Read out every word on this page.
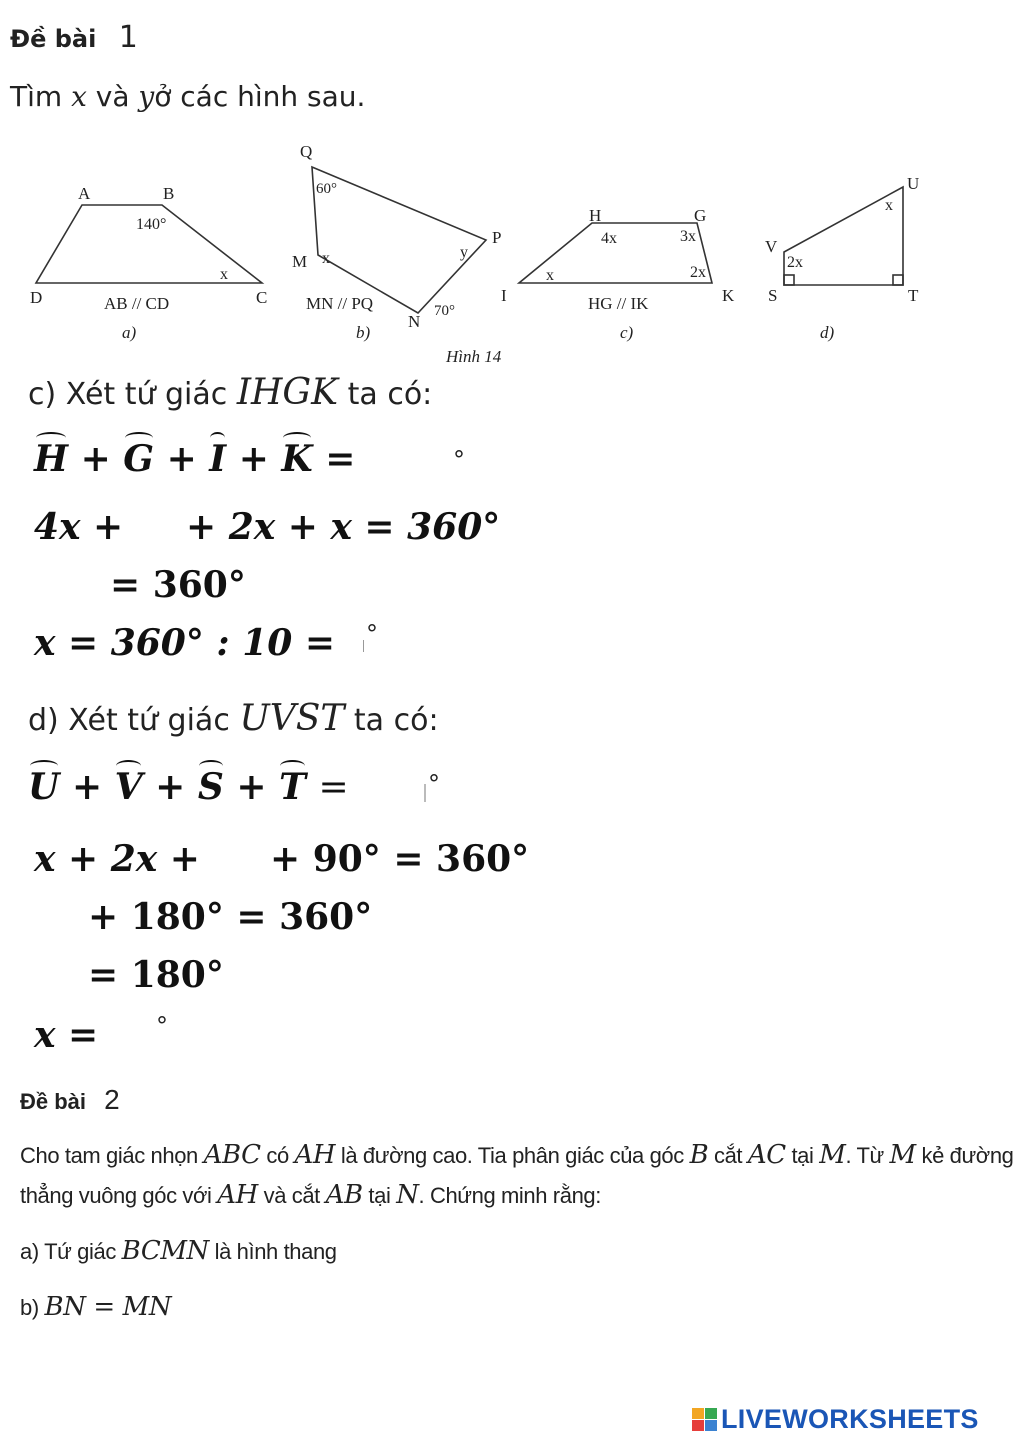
Đề bài 1
Tìm x và yở các hình sau.
A	B
C
D
140°
x
AB // CD
a)
Q
60°
M x
P
y
N
70°
MN // PQ
b)
H	G
I	K
4x	3x
2x
x
HG // IK
c)
U
x
V
2x
S	T
d)
Hình 14
c) Xét tứ giác IHGK ta có:
H + G + I + K =	°
4x + + 2x + x = 360°
= 360°
x = 360° : 10 = °
d) Xét tứ giác UVST ta có:
U + V + S + T =	°
x + 2x + + 90° = 360°
+ 180° = 360°
= 180°
x = °
Đề bài 2
Cho tam giác nhọn ABC có AH là đường cao. Tia phân giác của góc B cắt AC tại M. Từ M kẻ đường
thẳng vuông góc với AH và cắt AB tại N. Chứng minh rằng:
a) Tứ giác BCMN là hình thang
b) BN = MN
LIVEWORKSHEETS
